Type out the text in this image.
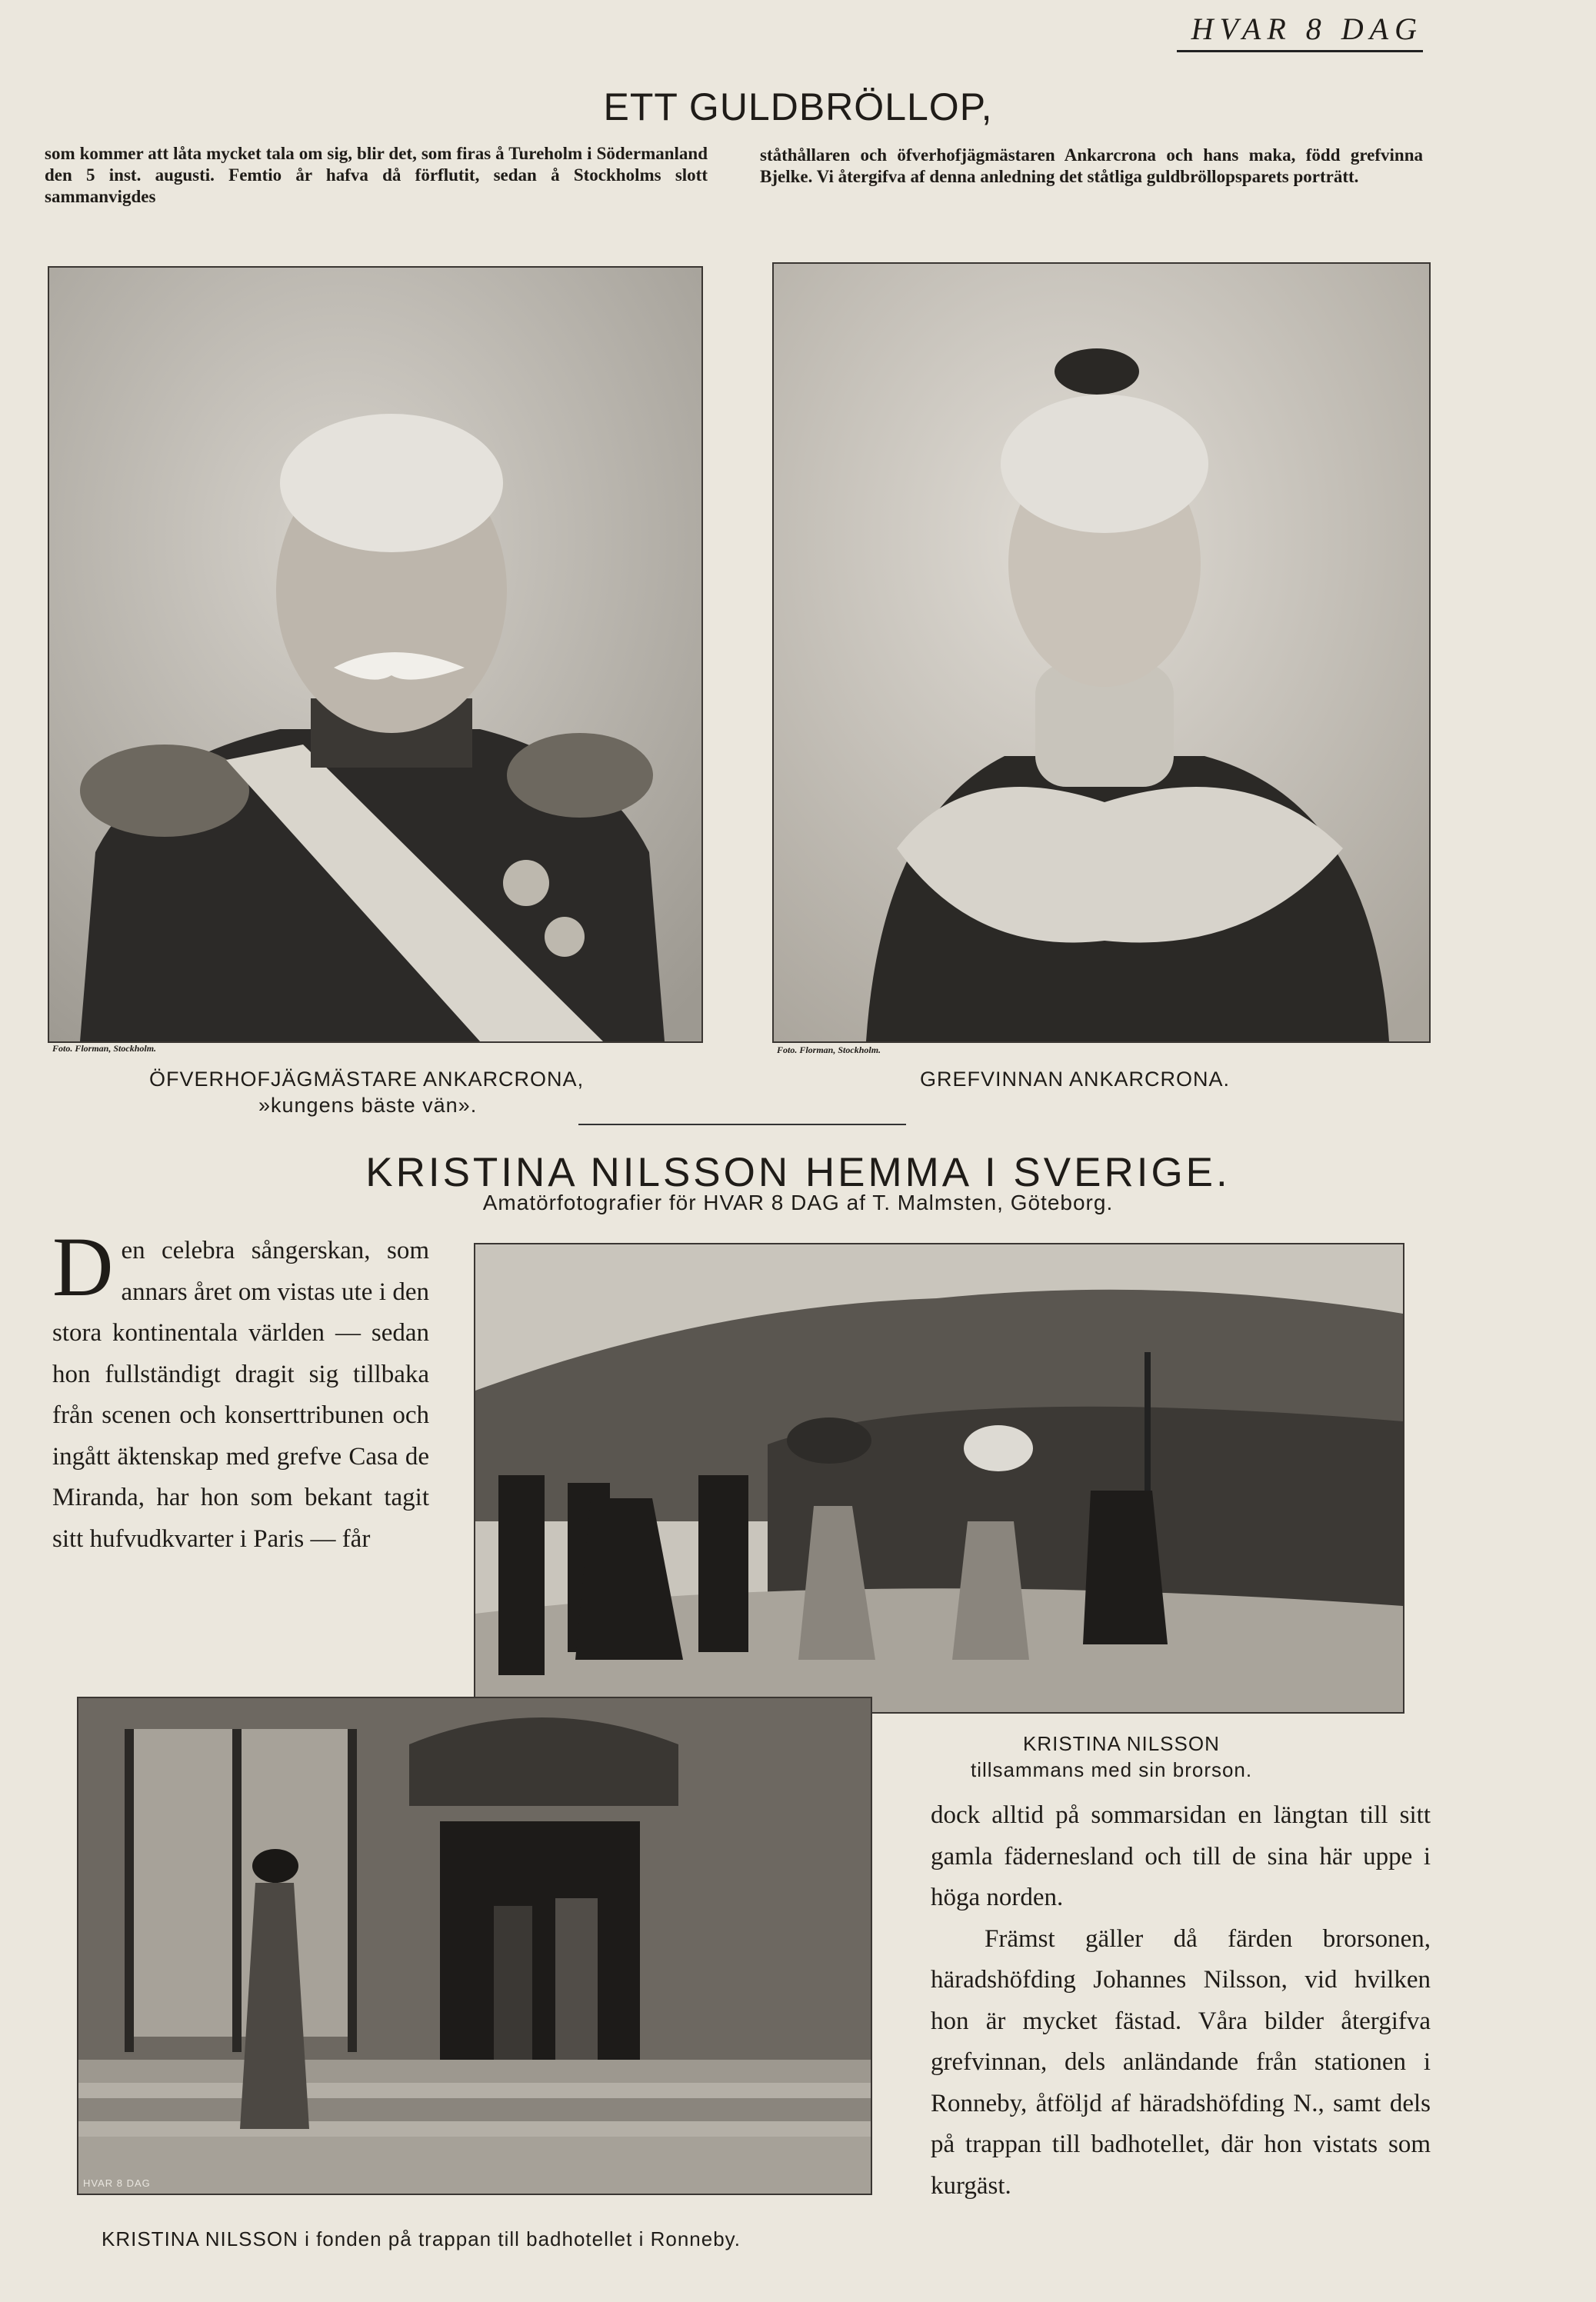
HVAR 8 DAG
ETT GULDBRÖLLOP,
som kommer att låta mycket tala om sig, blir det, som firas å Tureholm i Södermanland den 5 inst. augusti. Femtio år hafva då förflutit, sedan å Stockholms slott sammanvigdes
ståthållaren och öfverhofjägmästaren Ankarcrona och hans maka, född grefvinna Bjelke. Vi återgifva af denna anledning det ståtliga guldbröllopsparets porträtt.
Foto. Florman, Stockholm.
ÖFVERHOFJÄGMÄSTARE ANKARCRONA,
»kungens bäste vän».
Foto. Florman, Stockholm.
GREFVINNAN ANKARCRONA.
KRISTINA NILSSON HEMMA I SVERIGE.
Amatörfotografier för HVAR 8 DAG af T. Malmsten, Göteborg.
Den celebra sångerskan, som annars året om vistas ute i den stora kontinentala världen — sedan hon fullständigt dragit sig tillbaka från scenen och konserttribunen och ingått äktenskap med grefve Casa de Miranda, har hon som bekant tagit sitt hufvudkvarter i Paris — får
KRISTINA NILSSON
tillsammans med sin brorson.
HVAR 8 DAG
KRISTINA NILSSON i fonden på trappan till badhotellet i Ronneby.

dock alltid på sommarsidan en längtan till sitt gamla fädernesland och till de sina här uppe i höga norden.

Främst gäller då färden brorsonen, häradshöfding Johannes Nilsson, vid hvilken hon är mycket fästad. Våra bilder återgifva grefvinnan, dels anländande från stationen i Ronneby, åtföljd af häradshöfding N., samt dels på trappan till badhotellet, där hon vistats som kurgäst.
